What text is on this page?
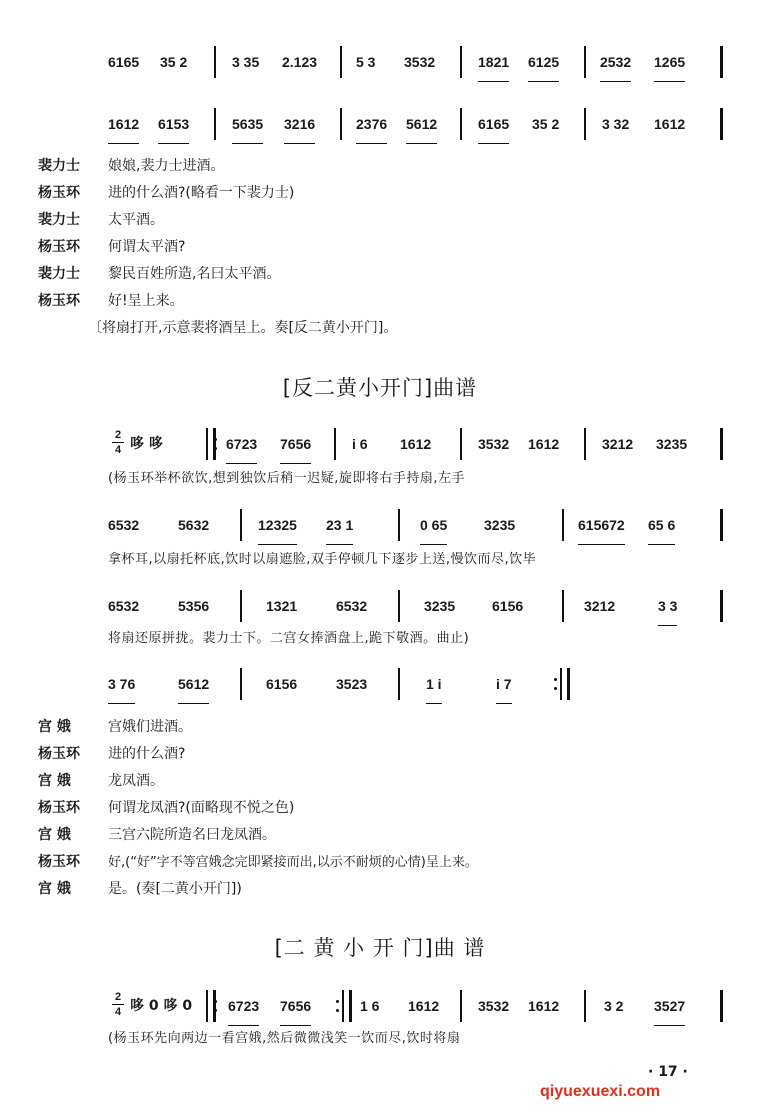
6165 35 2	3 35 2.123	5 3 3532	1821 6125	2532 1265
1612 6153	5635 3216	2376 5612	6165 35 2	3 32 1612
裴力士 娘娘,裴力士进酒。
杨玉环 进的什么酒?(略看一下裴力士)
裴力士 太平酒。
杨玉环 何谓太平酒?
裴力士 黎民百姓所造,名曰太平酒。
杨玉环 好!呈上来。
〔将扇打开,示意裴将酒呈上。奏[反二黄小开门]。
[反二黄小开门]曲谱
2
4 哆 哆	6723 7656	i 6 1612	3532 1612	3212 3235
(杨玉环举杯欲饮,想到独饮后稍一迟疑,旋即将右手持扇,左手
6532	5632	12325 23 1	0 65	3235	615672 65 6
拿杯耳,以扇托杯底,饮时以扇遮脸,双手停顿几下逐步上送,慢饮而尽,饮毕
6532	5356	1321	6532	3235	6156	3212	3 3
将扇还原拼拢。裴力士下。二宫女捧酒盘上,跪下敬酒。曲止)
3 76	5612	6156	3523	1 i	i 7
宫 娥	宫娥们进酒。
杨玉环 进的什么酒?
宫 娥	龙凤酒。
杨玉环 何谓龙凤酒?(面略现不悦之色)
宫 娥	三宫六院所造名曰龙凤酒。
杨玉环 好,(“好”字不等宫娥念完即紧接而出,以示不耐烦的心情)呈上来。
宫 娥	是。(奏[二黄小开门])
[二 黄 小 开 门]曲 谱
2
4 哆 0 哆 0	6723 7656	1 6 1612	3532 1612	3 2 3527
(杨玉环先向两边一看宫娥,然后微微浅笑一饮而尽,饮时将扇
· 17 ·
qiyuexuexi.com
